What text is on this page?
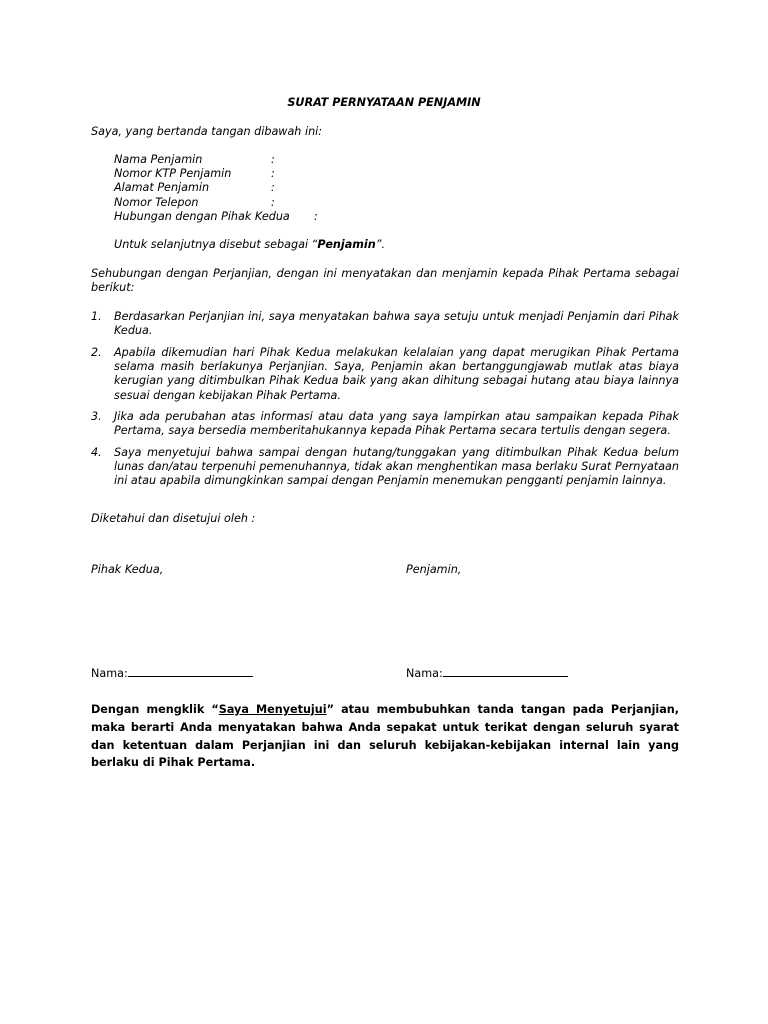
SURAT PERNYATAAN PENJAMIN
Saya, yang bertanda tangan dibawah ini:
Nama Penjamin	:
Nomor KTP Penjamin	:
Alamat Penjamin	:
Nomor Telepon	:
Hubungan dengan Pihak Kedua :
Untuk selanjutnya disebut sebagai “Penjamin”.
Sehubungan dengan Perjanjian, dengan ini menyatakan dan menjamin kepada Pihak Pertama sebagai berikut:
1. Berdasarkan Perjanjian ini, saya menyatakan bahwa saya setuju untuk menjadi Penjamin dari Pihak Kedua.
2. Apabila dikemudian hari Pihak Kedua melakukan kelalaian yang dapat merugikan Pihak Pertama selama masih berlakunya Perjanjian. Saya, Penjamin akan bertanggungjawab mutlak atas biaya kerugian yang ditimbulkan Pihak Kedua baik yang akan dihitung sebagai hutang atau biaya lainnya sesuai dengan kebijakan Pihak Pertama.
3. Jika ada perubahan atas informasi atau data yang saya lampirkan atau sampaikan kepada Pihak Pertama, saya bersedia memberitahukannya kepada Pihak Pertama secara tertulis dengan segera.
4. Saya menyetujui bahwa sampai dengan hutang/tunggakan yang ditimbulkan Pihak Kedua belum lunas dan/atau terpenuhi pemenuhannya, tidak akan menghentikan masa berlaku Surat Pernyataan ini atau apabila dimungkinkan sampai dengan Penjamin menemukan pengganti penjamin lainnya.
Diketahui dan disetujui oleh :
Pihak Kedua,	Penjamin,
Nama:	Nama:
Dengan mengklik “Saya Menyetujui” atau membubuhkan tanda tangan pada Perjanjian, maka berarti Anda menyatakan bahwa Anda sepakat untuk terikat dengan seluruh syarat dan ketentuan dalam Perjanjian ini dan seluruh kebijakan-kebijakan internal lain yang berlaku di Pihak Pertama.
